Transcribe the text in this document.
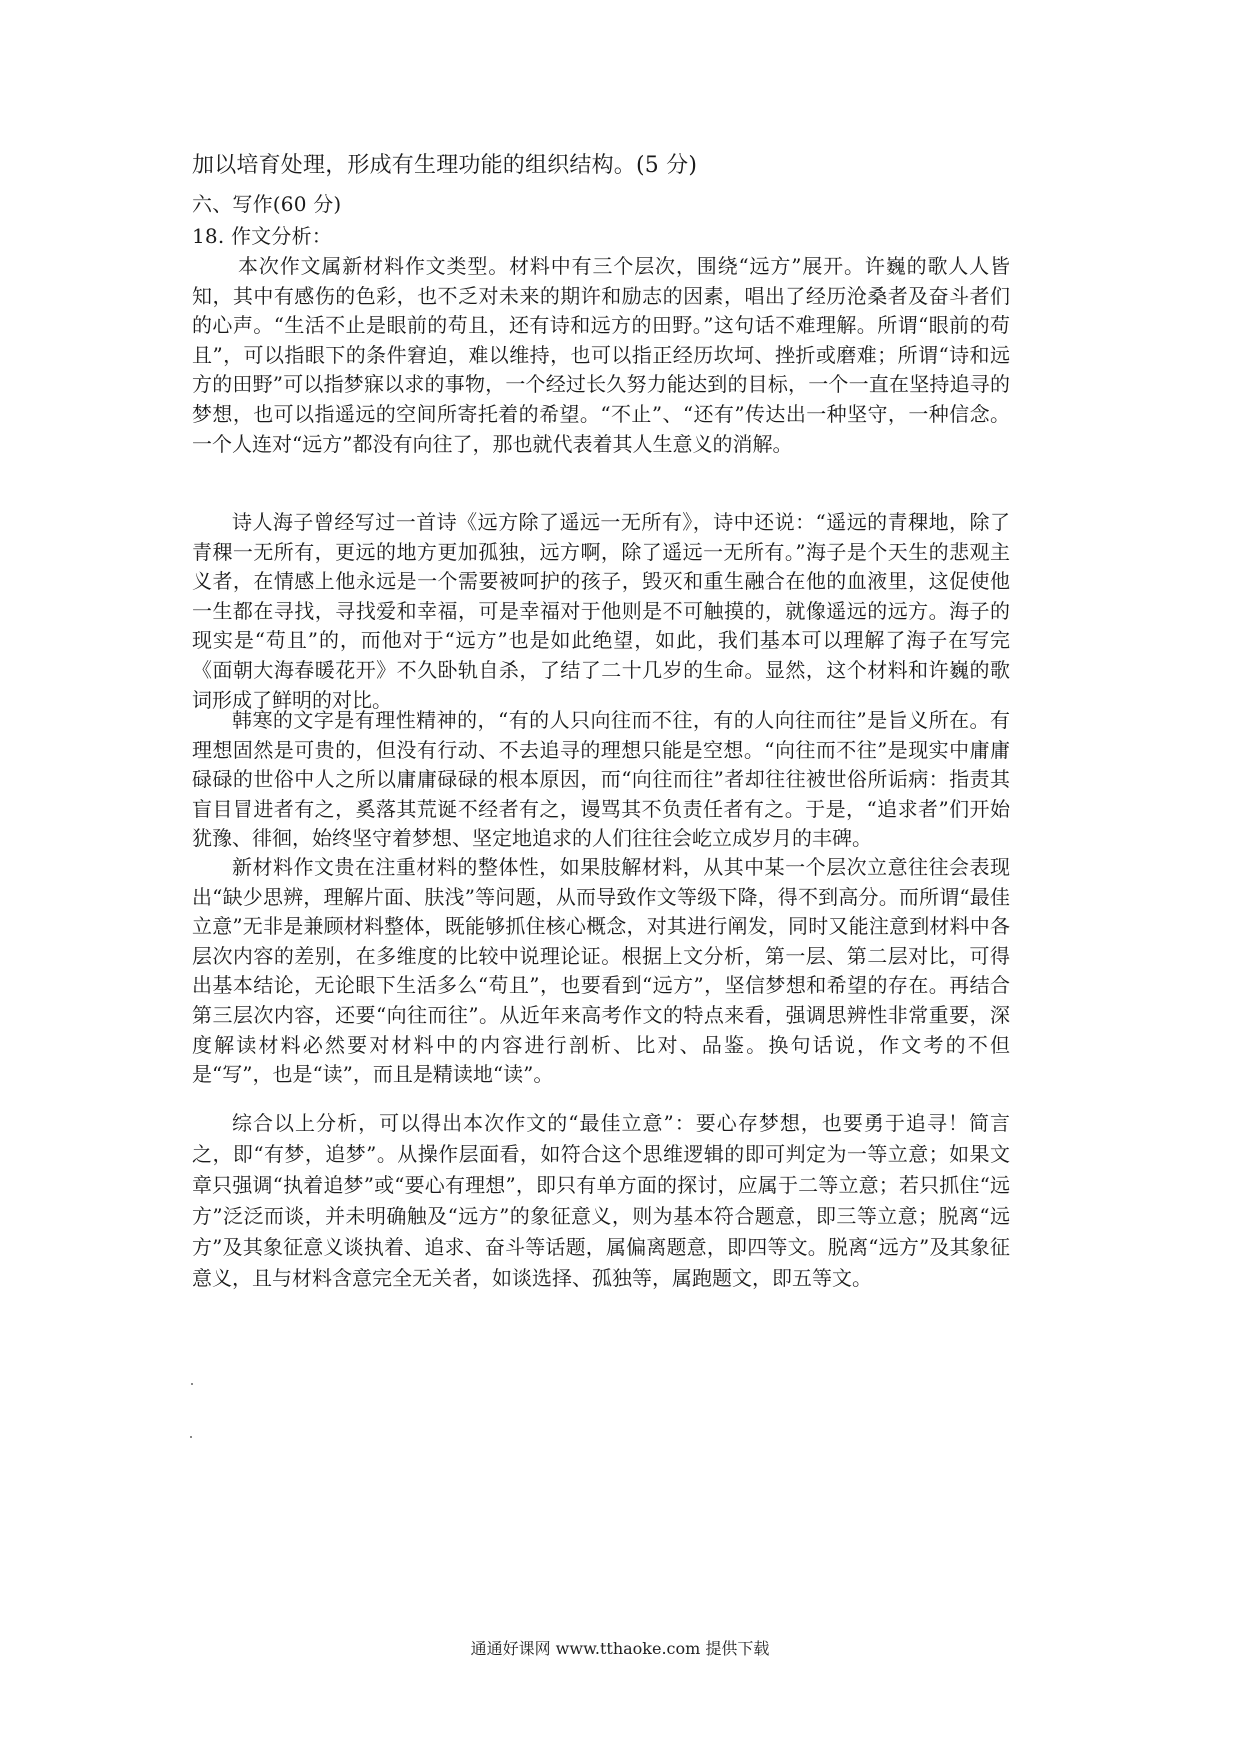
加以培育处理，形成有生理功能的组织结构。(5 分)
六、写作(60 分)
18. 作文分析：
本次作文属新材料作文类型。材料中有三个层次，围绕“远方”展开。许巍的歌人人皆知，其中有感伤的色彩，也不乏对未来的期许和励志的因素，唱出了经历沧桑者及奋斗者们的心声。“生活不止是眼前的苟且，还有诗和远方的田野。”这句话不难理解。所谓“眼前的苟且”，可以指眼下的条件窘迫，难以维持，也可以指正经历坎坷、挫折或磨难；所谓“诗和远方的田野”可以指梦寐以求的事物，一个经过长久努力能达到的目标，一个一直在坚持追寻的梦想，也可以指遥远的空间所寄托着的希望。“不止”、“还有”传达出一种坚守，一种信念。一个人连对“远方”都没有向往了，那也就代表着其人生意义的消解。
诗人海子曾经写过一首诗《远方除了遥远一无所有》，诗中还说：“遥远的青稞地，除了青稞一无所有，更远的地方更加孤独，远方啊，除了遥远一无所有。”海子是个天生的悲观主义者，在情感上他永远是一个需要被呵护的孩子，毁灭和重生融合在他的血液里，这促使他一生都在寻找，寻找爱和幸福，可是幸福对于他则是不可触摸的，就像遥远的远方。海子的现实是“苟且”的，而他对于“远方”也是如此绝望，如此，我们基本可以理解了海子在写完《面朝大海春暖花开》不久卧轨自杀，了结了二十几岁的生命。显然，这个材料和许巍的歌词形成了鲜明的对比。
韩寒的文字是有理性精神的，“有的人只向往而不往，有的人向往而往”是旨义所在。有理想固然是可贵的，但没有行动、不去追寻的理想只能是空想。“向往而不往”是现实中庸庸碌碌的世俗中人之所以庸庸碌碌的根本原因，而“向往而往”者却往往被世俗所诟病：指责其盲目冒进者有之，奚落其荒诞不经者有之，谩骂其不负责任者有之。于是，“追求者”们开始犹豫、徘徊，始终坚守着梦想、坚定地追求的人们往往会屹立成岁月的丰碑。
新材料作文贵在注重材料的整体性，如果肢解材料，从其中某一个层次立意往往会表现出“缺少思辨，理解片面、肤浅”等问题，从而导致作文等级下降，得不到高分。而所谓“最佳立意”无非是兼顾材料整体，既能够抓住核心概念，对其进行阐发，同时又能注意到材料中各层次内容的差别，在多维度的比较中说理论证。根据上文分析，第一层、第二层对比，可得出基本结论，无论眼下生活多么“苟且”，也要看到“远方”，坚信梦想和希望的存在。再结合第三层次内容，还要“向往而往”。从近年来高考作文的特点来看，强调思辨性非常重要，深度解读材料必然要对材料中的内容进行剖析、比对、品鉴。换句话说，作文考的不但是“写”，也是“读”，而且是精读地“读”。
综合以上分析，可以得出本次作文的“最佳立意”：要心存梦想，也要勇于追寻！简言之，即“有梦，追梦”。从操作层面看，如符合这个思维逻辑的即可判定为一等立意；如果文章只强调“执着追梦”或“要心有理想”，即只有单方面的探讨，应属于二等立意；若只抓住“远方”泛泛而谈，并未明确触及“远方”的象征意义，则为基本符合题意，即三等立意；脱离“远方”及其象征意义谈执着、追求、奋斗等话题，属偏离题意，即四等文。脱离“远方”及其象征意义，且与材料含意完全无关者，如谈选择、孤独等，属跑题文，即五等文。
通通好课网 www.tthaoke.com 提供下载
